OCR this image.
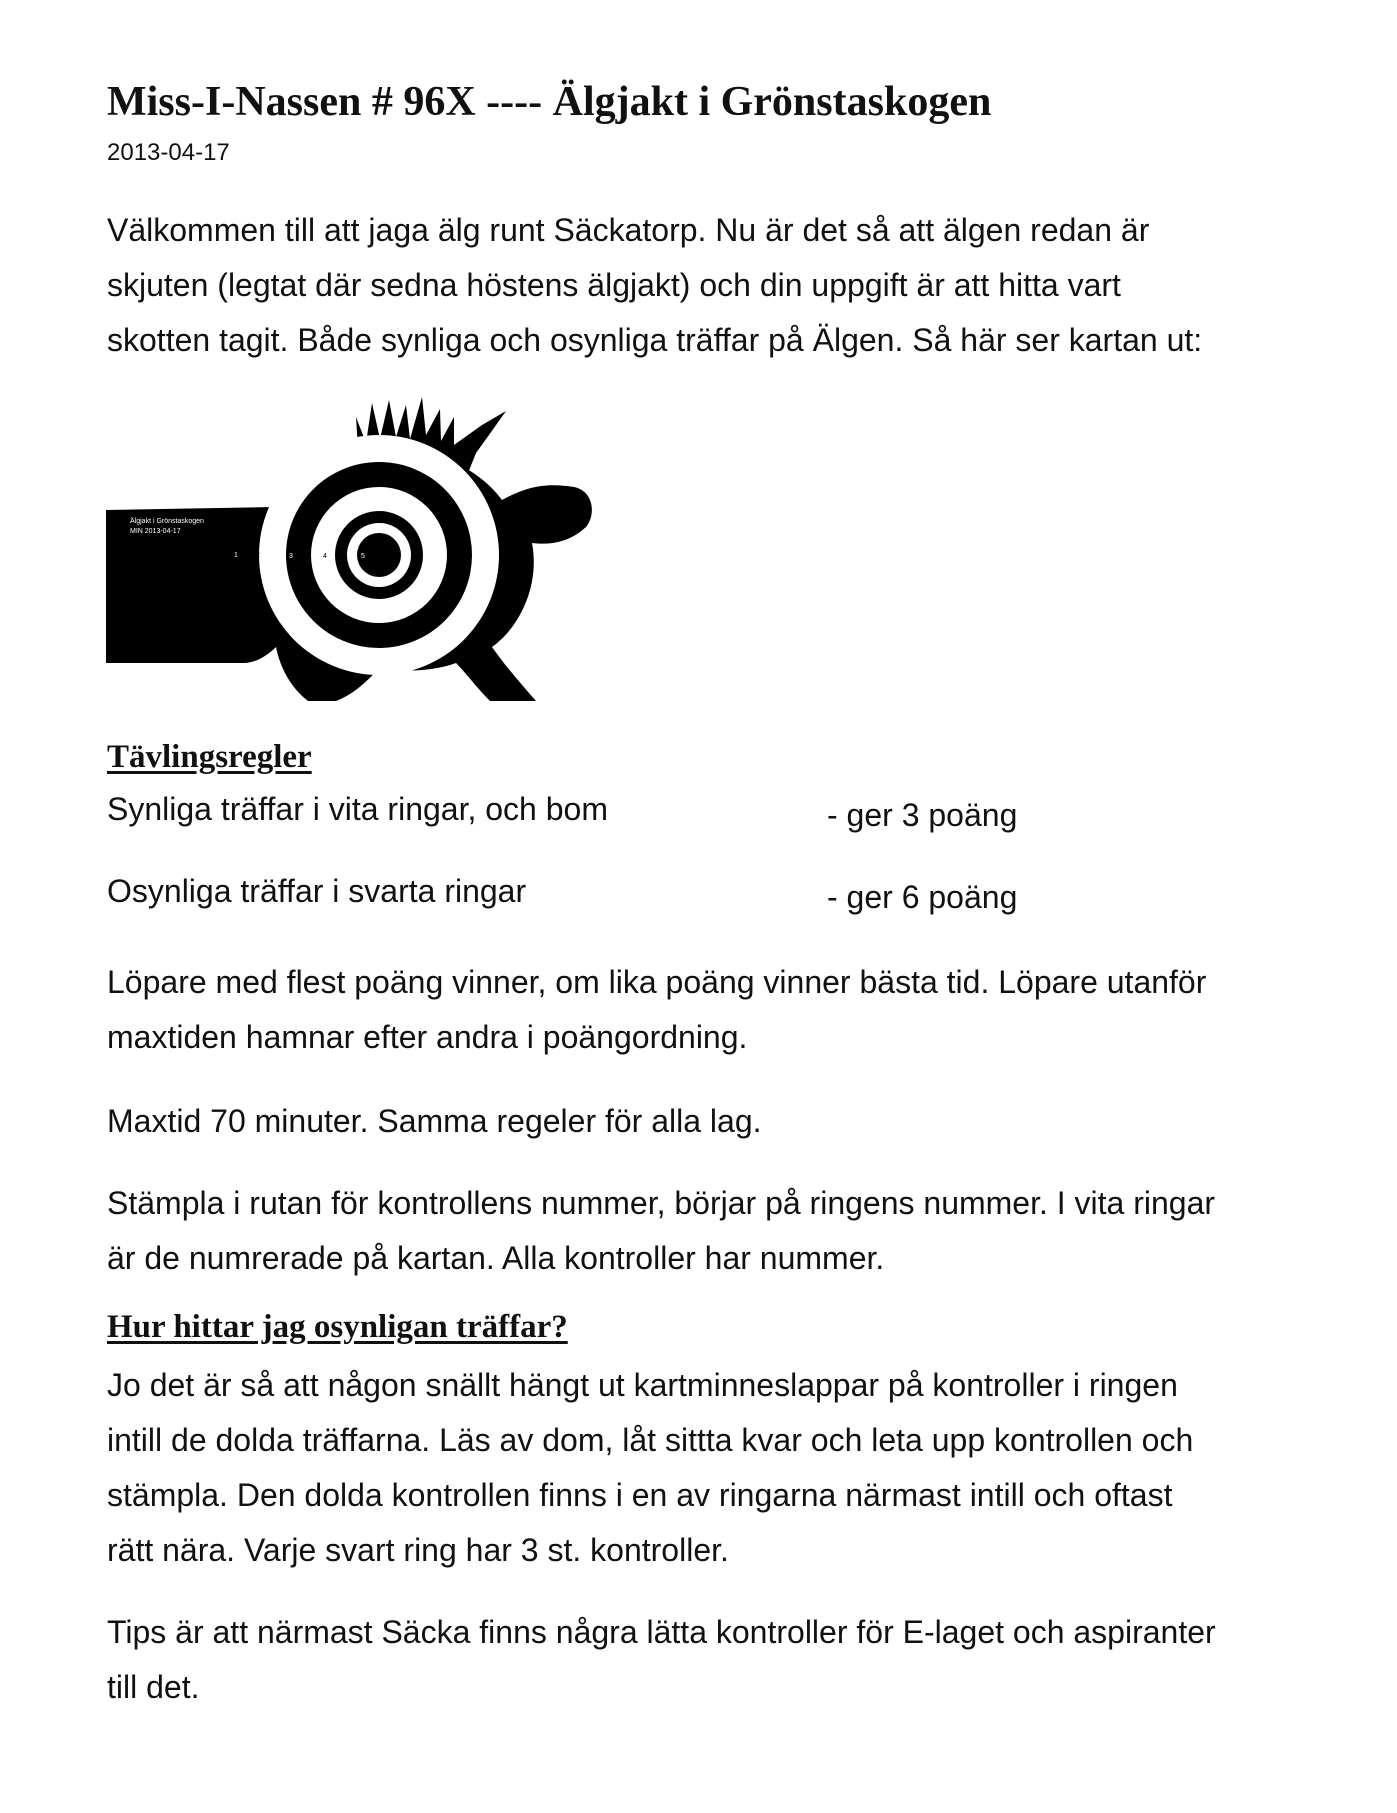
Miss-I-Nassen # 96X ---- Älgjakt i Grönstaskogen
2013-04-17

Välkommen till att jaga älg runt Säckatorp. Nu är det så att älgen redan är
skjuten (legtat där sedna höstens älgjakt) och din uppgift är att hitta vart
skotten tagit. Både synliga och osynliga träffar på Älgen. Så här ser kartan ut:

Älgjakt i Grönstaskogen
MIN 2013-04-17
1	2	3	4	5
Tävlingsregler
Synliga träffar i vita ringar, och bom	- ger 3 poäng
Osynliga träffar i svarta ringar	- ger 6 poäng

Löpare med flest poäng vinner, om lika poäng vinner bästa tid. Löpare utanför
maxtiden hamnar efter andra i poängordning.

Maxtid 70 minuter. Samma regeler för alla lag.

Stämpla i rutan för kontrollens nummer, börjar på ringens nummer. I vita ringar
är de numrerade på kartan. Alla kontroller har nummer.

Hur hittar jag osynligan träffar?

Jo det är så att någon snällt hängt ut kartminneslappar på kontroller i ringen
intill de dolda träffarna. Läs av dom, låt sittta kvar och leta upp kontrollen och
stämpla. Den dolda kontrollen finns i en av ringarna närmast intill och oftast
rätt nära. Varje svart ring har 3 st. kontroller.

Tips är att närmast Säcka finns några lätta kontroller för E-laget och aspiranter
till det.
